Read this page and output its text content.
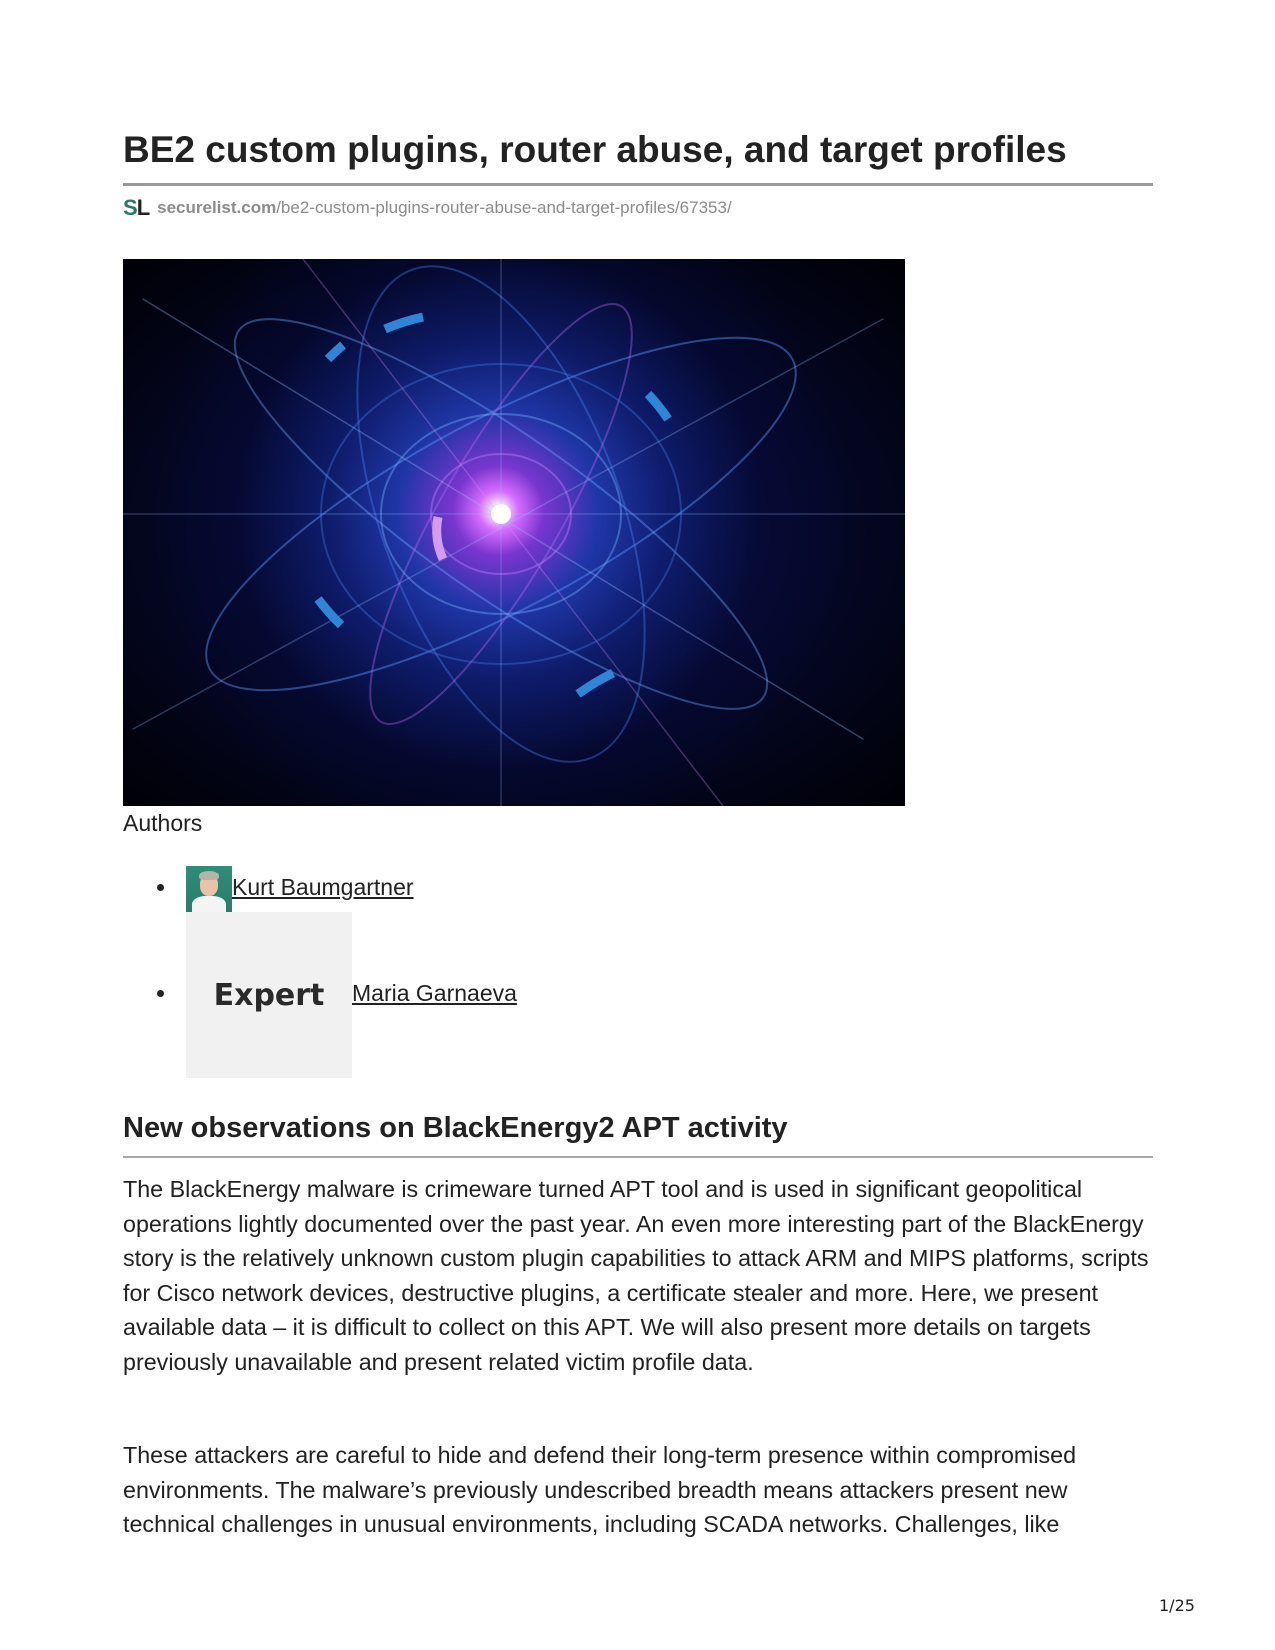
BE2 custom plugins, router abuse, and target profiles
SL securelist.com/be2-custom-plugins-router-abuse-and-target-profiles/67353/
Authors
Kurt Baumgartner
Expert Maria Garnaeva
New observations on BlackEnergy2 APT activity

The BlackEnergy malware is crimeware turned APT tool and is used in significant geopolitical operations lightly documented over the past year. An even more interesting part of the BlackEnergy story is the relatively unknown custom plugin capabilities to attack ARM and MIPS platforms, scripts for Cisco network devices, destructive plugins, a certificate stealer and more. Here, we present available data – it is difficult to collect on this APT. We will also present more details on targets previously unavailable and present related victim profile data.

These attackers are careful to hide and defend their long-term presence within compromised environments. The malware’s previously undescribed breadth means attackers present new technical challenges in unusual environments, including SCADA networks. Challenges, like

1/25
